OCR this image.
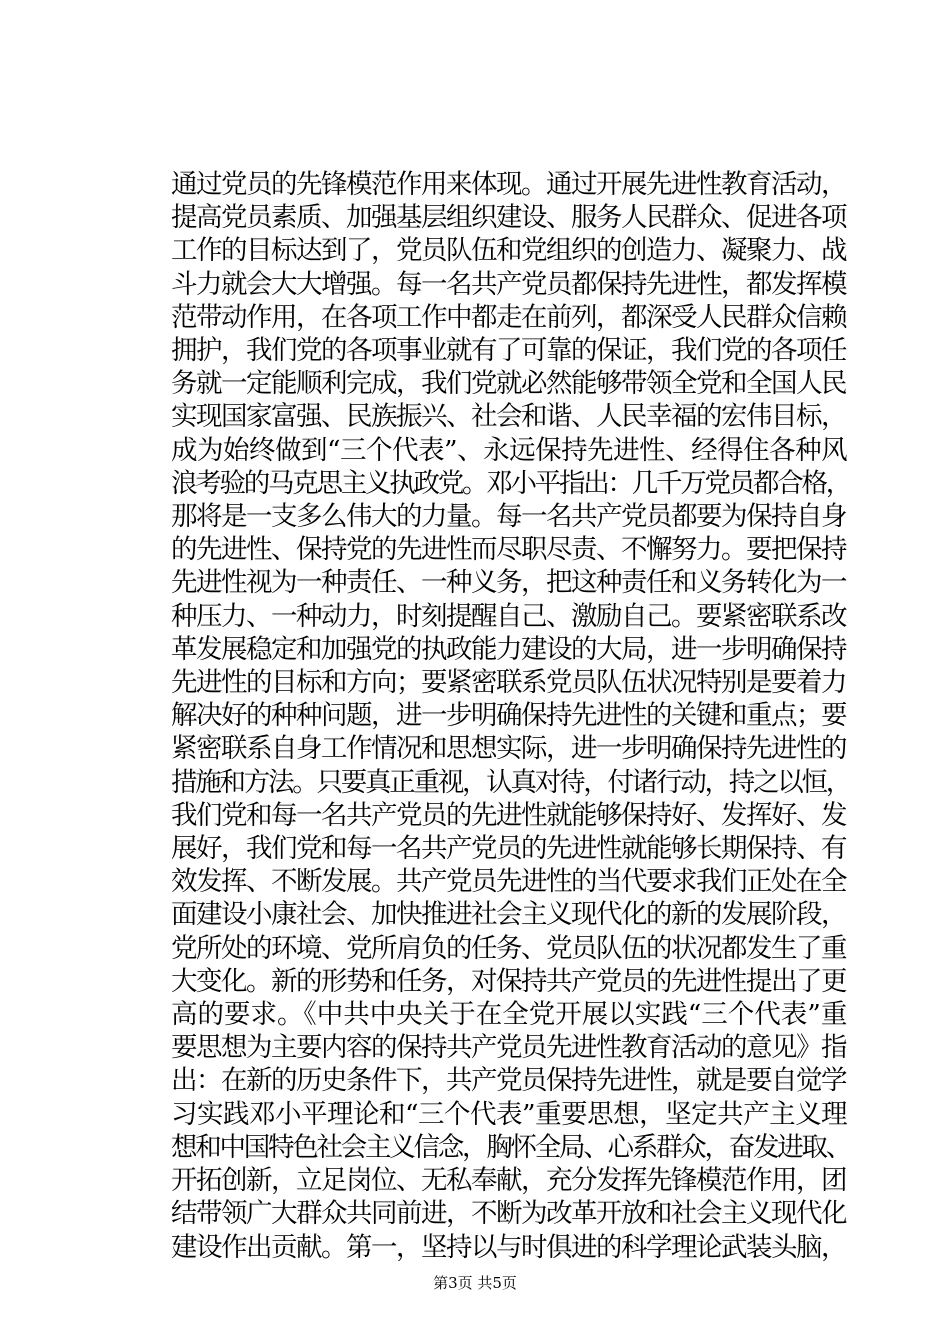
通过党员的先锋模范作用来体现。通过开展先进性教育活动，
提高党员素质、加强基层组织建设、服务人民群众、促进各项
工作的目标达到了，党员队伍和党组织的创造力、凝聚力、战
斗力就会大大增强。每一名共产党员都保持先进性，都发挥模
范带动作用，在各项工作中都走在前列，都深受人民群众信赖
拥护，我们党的各项事业就有了可靠的保证，我们党的各项任
务就一定能顺利完成，我们党就必然能够带领全党和全国人民
实现国家富强、民族振兴、社会和谐、人民幸福的宏伟目标，
成为始终做到“三个代表”、永远保持先进性、经得住各种风
浪考验的马克思主义执政党。邓小平指出：几千万党员都合格，
那将是一支多么伟大的力量。每一名共产党员都要为保持自身
的先进性、保持党的先进性而尽职尽责、不懈努力。要把保持
先进性视为一种责任、一种义务，把这种责任和义务转化为一
种压力、一种动力，时刻提醒自己、激励自己。要紧密联系改
革发展稳定和加强党的执政能力建设的大局，进一步明确保持
先进性的目标和方向；要紧密联系党员队伍状况特别是要着力
解决好的种种问题，进一步明确保持先进性的关键和重点；要
紧密联系自身工作情况和思想实际，进一步明确保持先进性的
措施和方法。只要真正重视，认真对待，付诸行动，持之以恒，
我们党和每一名共产党员的先进性就能够保持好、发挥好、发
展好，我们党和每一名共产党员的先进性就能够长期保持、有
效发挥、不断发展。共产党员先进性的当代要求我们正处在全
面建设小康社会、加快推进社会主义现代化的新的发展阶段，
党所处的环境、党所肩负的任务、党员队伍的状况都发生了重
大变化。新的形势和任务，对保持共产党员的先进性提出了更
高的要求。《中共中央关于在全党开展以实践“三个代表”重
要思想为主要内容的保持共产党员先进性教育活动的意见》指
出：在新的历史条件下，共产党员保持先进性，就是要自觉学
习实践邓小平理论和“三个代表”重要思想，坚定共产主义理
想和中国特色社会主义信念，胸怀全局、心系群众，奋发进取、
开拓创新，立足岗位、无私奉献，充分发挥先锋模范作用，团
结带领广大群众共同前进，不断为改革开放和社会主义现代化
建设作出贡献。第一，坚持以与时俱进的科学理论武装头脑，
第3页 共5页
